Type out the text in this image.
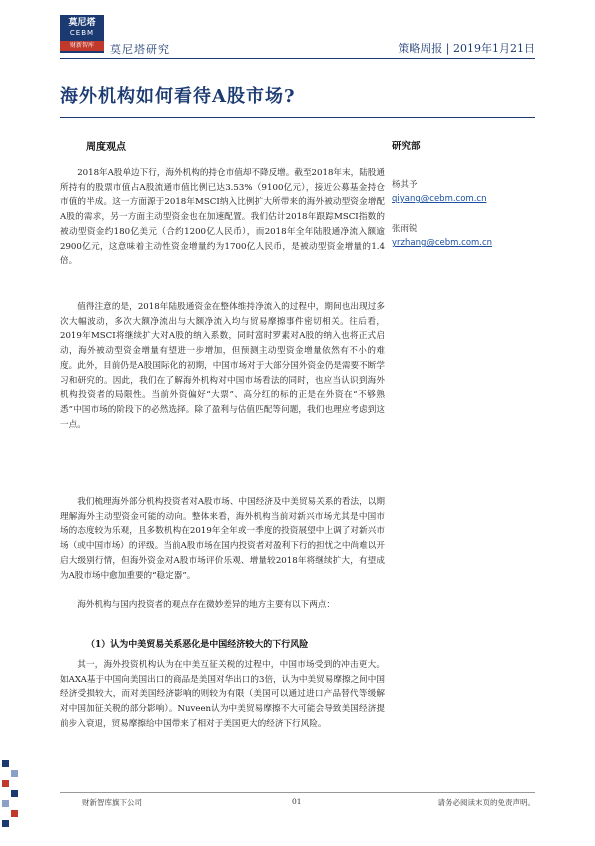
莫尼塔
CEBM
财新智库	莫尼塔研究	策略周报 | 2019年1月21日
海外机构如何看待A股市场?
周度观点	研究部
杨其予
qiyang@cebm.com.cn
张雨锐
yrzhang@cebm.com.cn

2018年A股单边下行，海外机构的持仓市值却不降反增。截至2018年末，陆股通所持有的股票市值占A股流通市值比例已达3.53%（9100亿元），接近公募基金持仓市值的半成。这一方面源于2018年MSCI纳入比例扩大所带来的海外被动型资金增配A股的需求，另一方面主动型资金也在加速配置。我们估计2018年跟踪MSCI指数的被动型资金约180亿美元（合约1200亿人民币），而2018年全年陆股通净流入额逾2900亿元，这意味着主动性资金增量约为1700亿人民币，是被动型资金增量的1.4倍。

值得注意的是，2018年陆股通资金在整体维持净流入的过程中，期间也出现过多次大幅波动，多次大额净流出与大额净流入均与贸易摩擦事件密切相关。往后看，2019年MSCI将继续扩大对A股的纳入系数，同时富时罗素对A股的纳入也将正式启动，海外被动型资金增量有望进一步增加，但预测主动型资金增量依然有不小的难度。此外，目前仍是A股国际化的初期，中国市场对于大部分国外资金仍是需要不断学习和研究的。因此，我们在了解海外机构对中国市场看法的同时，也应当认识到海外机构投资者的局限性。当前外资偏好“大票”、高分红的标的正是在外资在“不够熟悉”中国市场的阶段下的必然选择。除了盈利与估值匹配等问题，我们也理应考虑到这一点。

我们梳理海外部分机构投资者对A股市场、中国经济及中美贸易关系的看法，以期理解海外主动型资金可能的动向。整体来看，海外机构当前对新兴市场尤其是中国市场的态度较为乐观，且多数机构在2019年全年或一季度的投资展望中上调了对新兴市场（或中国市场）的评级。当前A股市场在国内投资者对盈利下行的担忧之中尚难以开启大级别行情，但海外资金对A股市场评价乐观、增量较2018年将继续扩大，有望成为A股市场中愈加重要的“稳定器”。

海外机构与国内投资者的观点存在微妙差异的地方主要有以下两点：

（1）认为中美贸易关系恶化是中国经济较大的下行风险

其一，海外投资机构认为在中美互征关税的过程中，中国市场受到的冲击更大。如AXA基于中国向美国出口的商品是美国对华出口的3倍，认为中美贸易摩擦之间中国经济受损较大，而对美国经济影响的则较为有限（美国可以通过进口产品替代等缓解对中国加征关税的部分影响）。Nuveen认为中美贸易摩擦不大可能会导致美国经济提前步入衰退，贸易摩擦给中国带来了相对于美国更大的经济下行风险。

财新智库旗下公司	01	请务必阅读末页的免责声明。
